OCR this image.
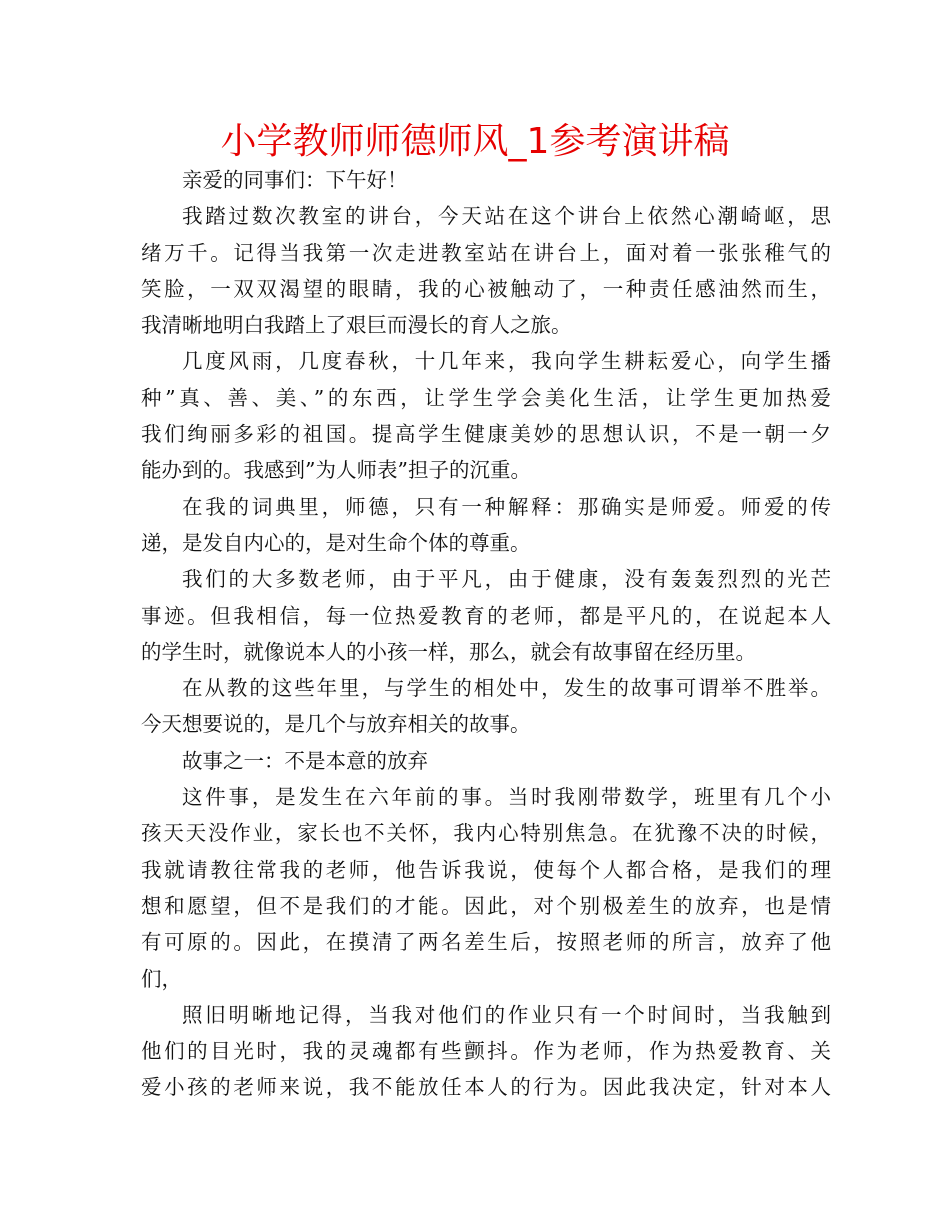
小学教师师德师风_1参考演讲稿
亲爱的同事们：下午好！
我踏过数次教室的讲台，今天站在这个讲台上依然心潮崎岖，思
绪万千。记得当我第一次走进教室站在讲台上，面对着一张张稚气的
笑脸，一双双渴望的眼睛，我的心被触动了，一种责任感油然而生，
我清晰地明白我踏上了艰巨而漫长的育人之旅。
几度风雨，几度春秋，十几年来，我向学生耕耘爱心，向学生播
种”真、善、美、”的东西，让学生学会美化生活，让学生更加热爱
我们绚丽多彩的祖国。提高学生健康美妙的思想认识，不是一朝一夕
能办到的。我感到”为人师表”担子的沉重。
在我的词典里，师德，只有一种解释：那确实是师爱。师爱的传
递，是发自内心的，是对生命个体的尊重。
我们的大多数老师，由于平凡，由于健康，没有轰轰烈烈的光芒
事迹。但我相信，每一位热爱教育的老师，都是平凡的，在说起本人
的学生时，就像说本人的小孩一样，那么，就会有故事留在经历里。
在从教的这些年里，与学生的相处中，发生的故事可谓举不胜举。
今天想要说的，是几个与放弃相关的故事。
故事之一：不是本意的放弃
这件事，是发生在六年前的事。当时我刚带数学，班里有几个小
孩天天没作业，家长也不关怀，我内心特别焦急。在犹豫不决的时候，
我就请教往常我的老师，他告诉我说，使每个人都合格，是我们的理
想和愿望，但不是我们的才能。因此，对个别极差生的放弃，也是情
有可原的。因此，在摸清了两名差生后，按照老师的所言，放弃了他
们，
照旧明晰地记得，当我对他们的作业只有一个时间时，当我触到
他们的目光时，我的灵魂都有些颤抖。作为老师，作为热爱教育、关
爱小孩的老师来说，我不能放任本人的行为。因此我决定，针对本人
